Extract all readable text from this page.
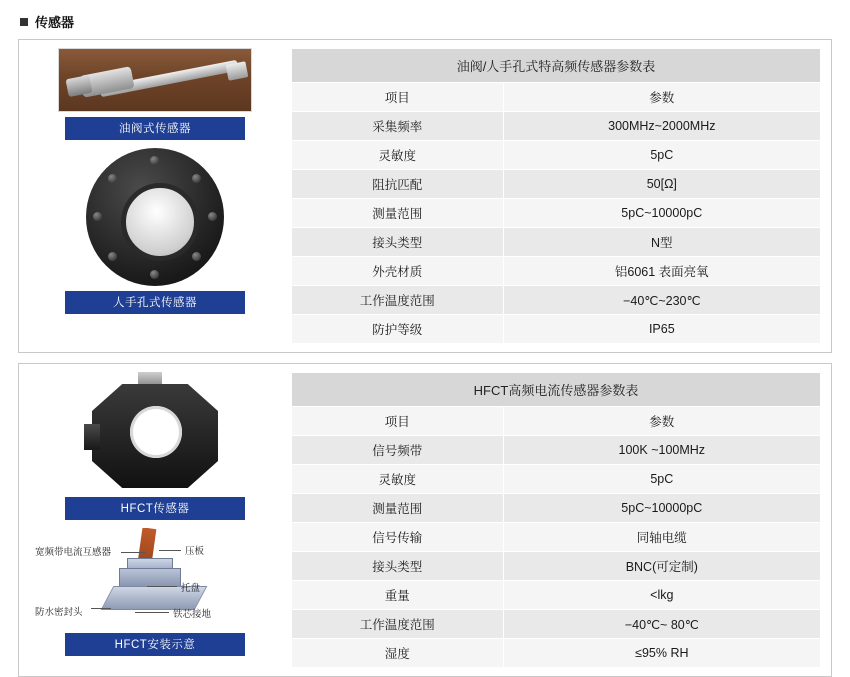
传感器
油阀式传感器
人手孔式传感器
油阀/人手孔式特高频传感器参数表	
项目	参数
采集频率	300MHz~2000MHz
灵敏度	5pC
阻抗匹配	50[Ω]
测量范围	5pC~10000pC
接头类型	N型
外壳材质	铝6061 表面亮氧
工作温度范围	−40℃~230℃
防护等级	IP65
HFCT传感器
宽频带电流互感器	压板
托盘
铁芯接地
防水密封头
HFCT安装示意
HFCT高频电流传感器参数表	
项目	参数
信号频带	100K ~100MHz
灵敏度	5pC
测量范围	5pC~10000pC
信号传输	同轴电缆
接头类型	BNC(可定制)
重量	<lkg
工作温度范围	−40℃~ 80℃
湿度	≤95% RH
